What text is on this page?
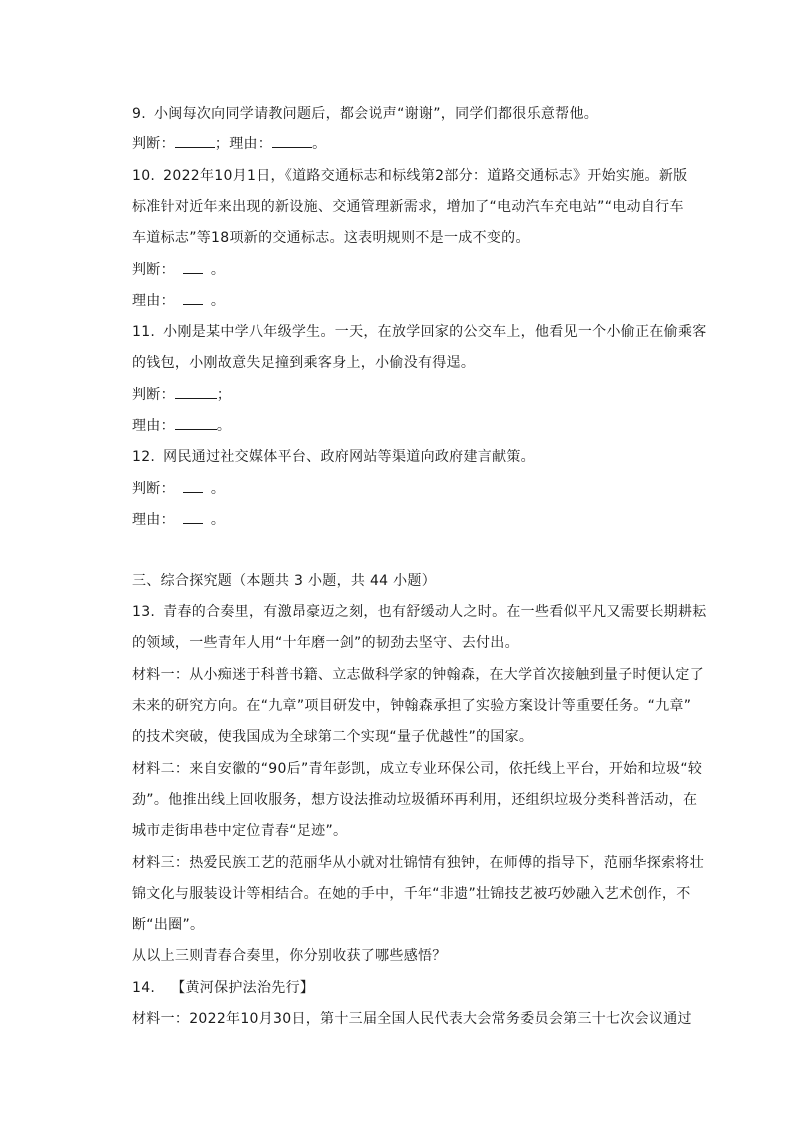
9. 小闽每次向同学请教问题后，都会说声“谢谢”，同学们都很乐意帮他。
判断：	；理由：	。
10. 2022年10月1日，《道路交通标志和标线第2部分：道路交通标志》开始实施。新版
标准针对近年来出现的新设施、交通管理新需求，增加了“电动汽车充电站”“电动自行车
车道标志”等18项新的交通标志。这表明规则不是一成不变的。
判断：	。
理由：	。
11. 小刚是某中学八年级学生。一天，在放学回家的公交车上，他看见一个小偷正在偷乘客
的钱包，小刚故意失足撞到乘客身上，小偷没有得逞。
判断：	；
理由：	。
12. 网民通过社交媒体平台、政府网站等渠道向政府建言献策。
判断：	。
理由：	。
三、综合探究题（本题共 3 小题，共 44 小题）
13. 青春的合奏里，有激昂豪迈之刻，也有舒缓动人之时。在一些看似平凡又需要长期耕耘
的领域，一些青年人用“十年磨一剑”的韧劲去坚守、去付出。
材料一：从小痴迷于科普书籍、立志做科学家的钟翰森，在大学首次接触到量子时便认定了
未来的研究方向。在“九章”项目研发中，钟翰森承担了实验方案设计等重要任务。“九章”
的技术突破，使我国成为全球第二个实现“量子优越性”的国家。
材料二：来自安徽的“90后”青年彭凯，成立专业环保公司，依托线上平台，开始和垃圾“较
劲”。他推出线上回收服务，想方设法推动垃圾循环再利用，还组织垃圾分类科普活动，在
城市走街串巷中定位青春“足迹”。
材料三：热爱民族工艺的范丽华从小就对壮锦情有独钟，在师傅的指导下，范丽华探索将壮
锦文化与服装设计等相结合。在她的手中，千年“非遗”壮锦技艺被巧妙融入艺术创作，不
断“出圈”。
从以上三则青春合奏里，你分别收获了哪些感悟？
14. 【黄河保护法治先行】
材料一：2022年10月30日，第十三届全国人民代表大会常务委员会第三十七次会议通过
